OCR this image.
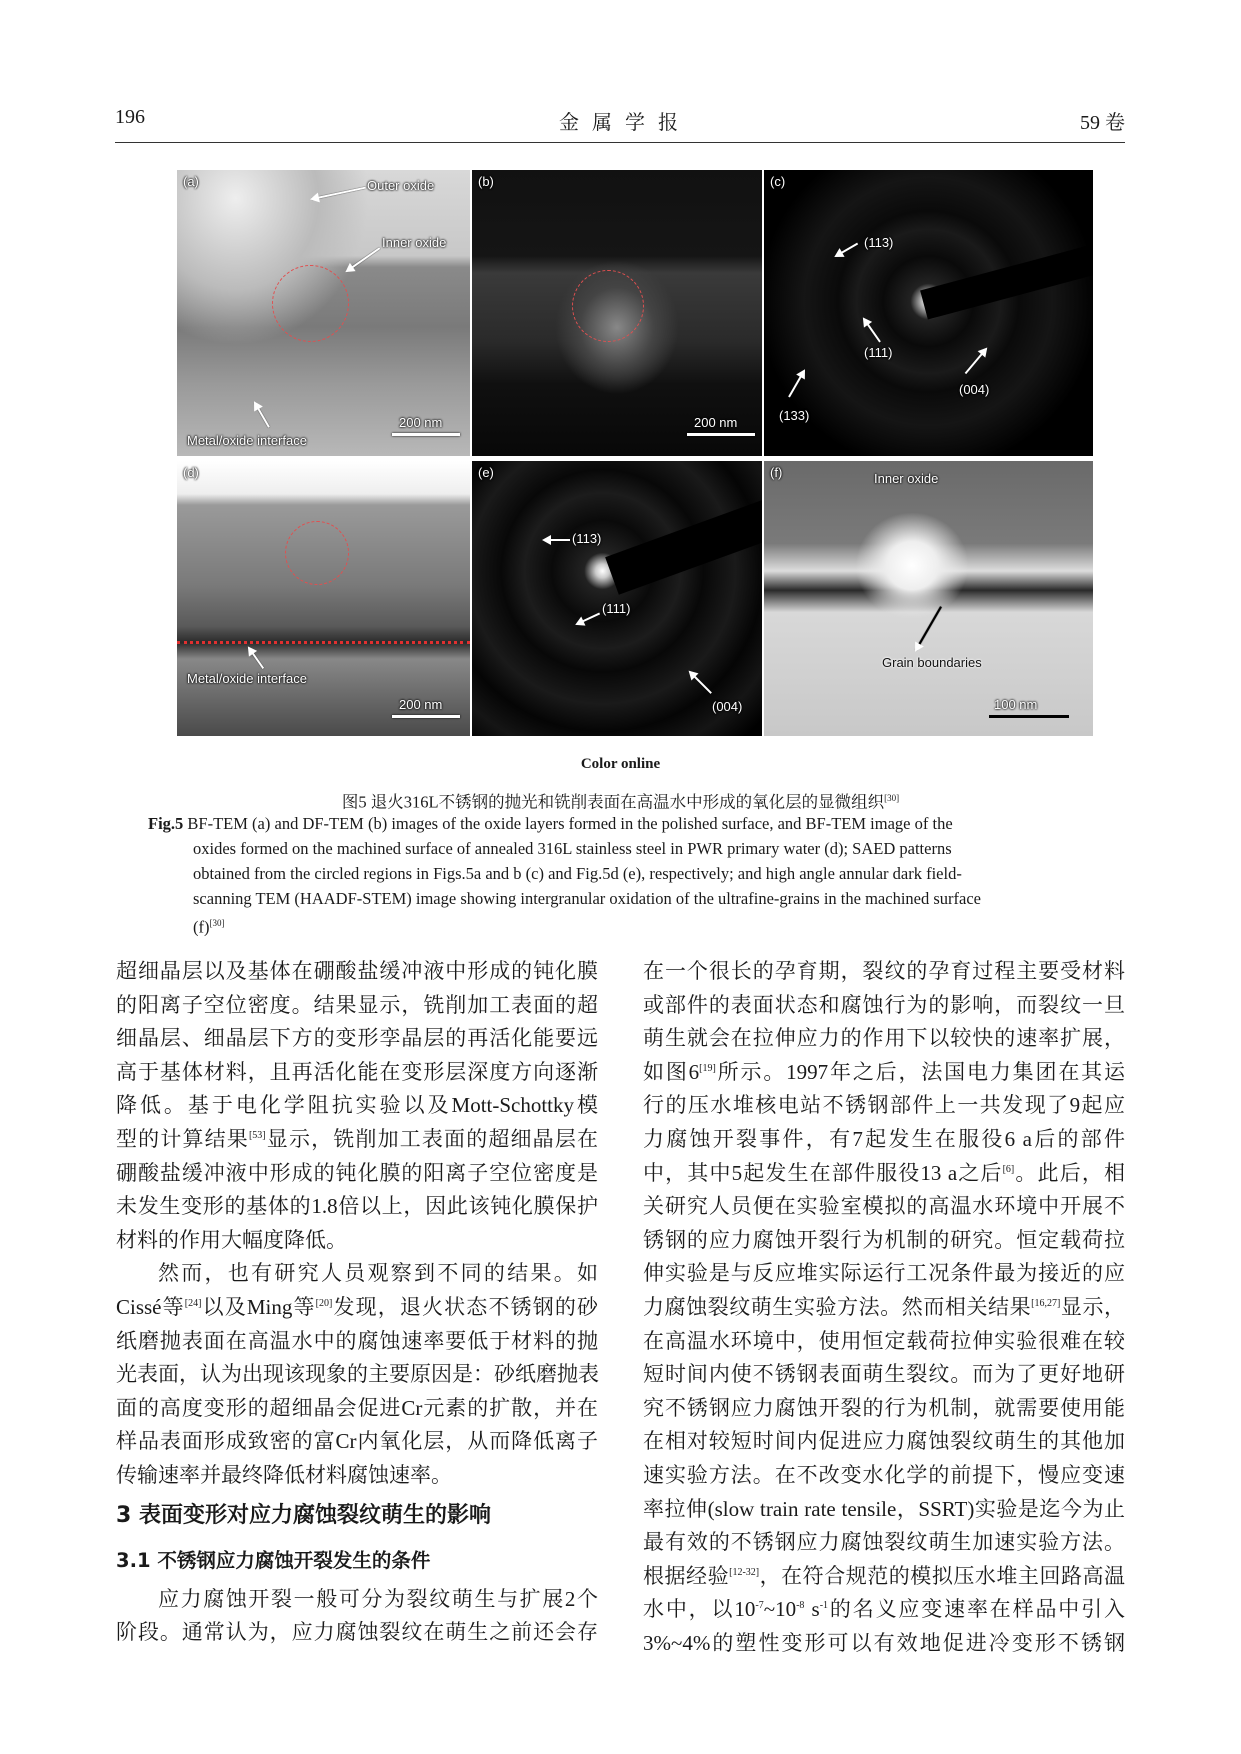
196	金 属 学 报	59 卷
(a)	Outer oxide
Inner oxide
Metal/oxide interface
200 nm
(b)
200 nm
(c)
(113)
(111)
(004)
(133)
(d)
Metal/oxide interface
200 nm
(e)
(113)
(111)
(004)
(f)	Inner oxide
Grain boundaries
100 nm
Color online
图5 退火316L不锈钢的抛光和铣削表面在高温水中形成的氧化层的显微组织[30]
Fig.5 BF-TEM (a) and DF-TEM (b) images of the oxide layers formed in the polished surface, and BF-TEM image of the
oxides formed on the machined surface of annealed 316L stainless steel in PWR primary water (d); SAED patterns
obtained from the circled regions in Figs.5a and b (c) and Fig.5d (e), respectively; and high angle annular dark field-
scanning TEM (HAADF-STEM) image showing intergranular oxidation of the ultrafine-grains in the machined surface
(f)[30]
超细晶层以及基体在硼酸盐缓冲液中形成的钝化膜
的阳离子空位密度。结果显示，铣削加工表面的超
细晶层、细晶层下方的变形孪晶层的再活化能要远
高于基体材料，且再活化能在变形层深度方向逐渐
降低。基于电化学阻抗实验以及Mott-Schottky模
型的计算结果[53]显示，铣削加工表面的超细晶层在
硼酸盐缓冲液中形成的钝化膜的阳离子空位密度是
未发生变形的基体的1.8倍以上，因此该钝化膜保护
材料的作用大幅度降低。
然而，也有研究人员观察到不同的结果。如
Cissé等[24]以及Ming等[20]发现，退火状态不锈钢的砂
纸磨抛表面在高温水中的腐蚀速率要低于材料的抛
光表面，认为出现该现象的主要原因是：砂纸磨抛表
面的高度变形的超细晶会促进Cr元素的扩散，并在
样品表面形成致密的富Cr内氧化层，从而降低离子
传输速率并最终降低材料腐蚀速率。
3 表面变形对应力腐蚀裂纹萌生的影响
3.1 不锈钢应力腐蚀开裂发生的条件
应力腐蚀开裂一般可分为裂纹萌生与扩展2个
阶段。通常认为，应力腐蚀裂纹在萌生之前还会存
在一个很长的孕育期，裂纹的孕育过程主要受材料
或部件的表面状态和腐蚀行为的影响，而裂纹一旦
萌生就会在拉伸应力的作用下以较快的速率扩展，
如图6[19]所示。1997年之后，法国电力集团在其运
行的压水堆核电站不锈钢部件上一共发现了9起应
力腐蚀开裂事件，有7起发生在服役6 a后的部件
中，其中5起发生在部件服役13 a之后[6]。此后，相
关研究人员便在实验室模拟的高温水环境中开展不
锈钢的应力腐蚀开裂行为机制的研究。恒定载荷拉
伸实验是与反应堆实际运行工况条件最为接近的应
力腐蚀裂纹萌生实验方法。然而相关结果[16,27]显示，
在高温水环境中，使用恒定载荷拉伸实验很难在较
短时间内使不锈钢表面萌生裂纹。而为了更好地研
究不锈钢应力腐蚀开裂的行为机制，就需要使用能
在相对较短时间内促进应力腐蚀裂纹萌生的其他加
速实验方法。在不改变水化学的前提下，慢应变速
率拉伸(slow train rate tensile，SSRT)实验是迄今为止
最有效的不锈钢应力腐蚀裂纹萌生加速实验方法。
根据经验[12-32]，在符合规范的模拟压水堆主回路高温
水中，以$10^{-7}\sim 10^{-8}$ $s^{-1}$的名义应变速率在样品中引入
3%~4%的塑性变形可以有效地促进冷变形不锈钢
